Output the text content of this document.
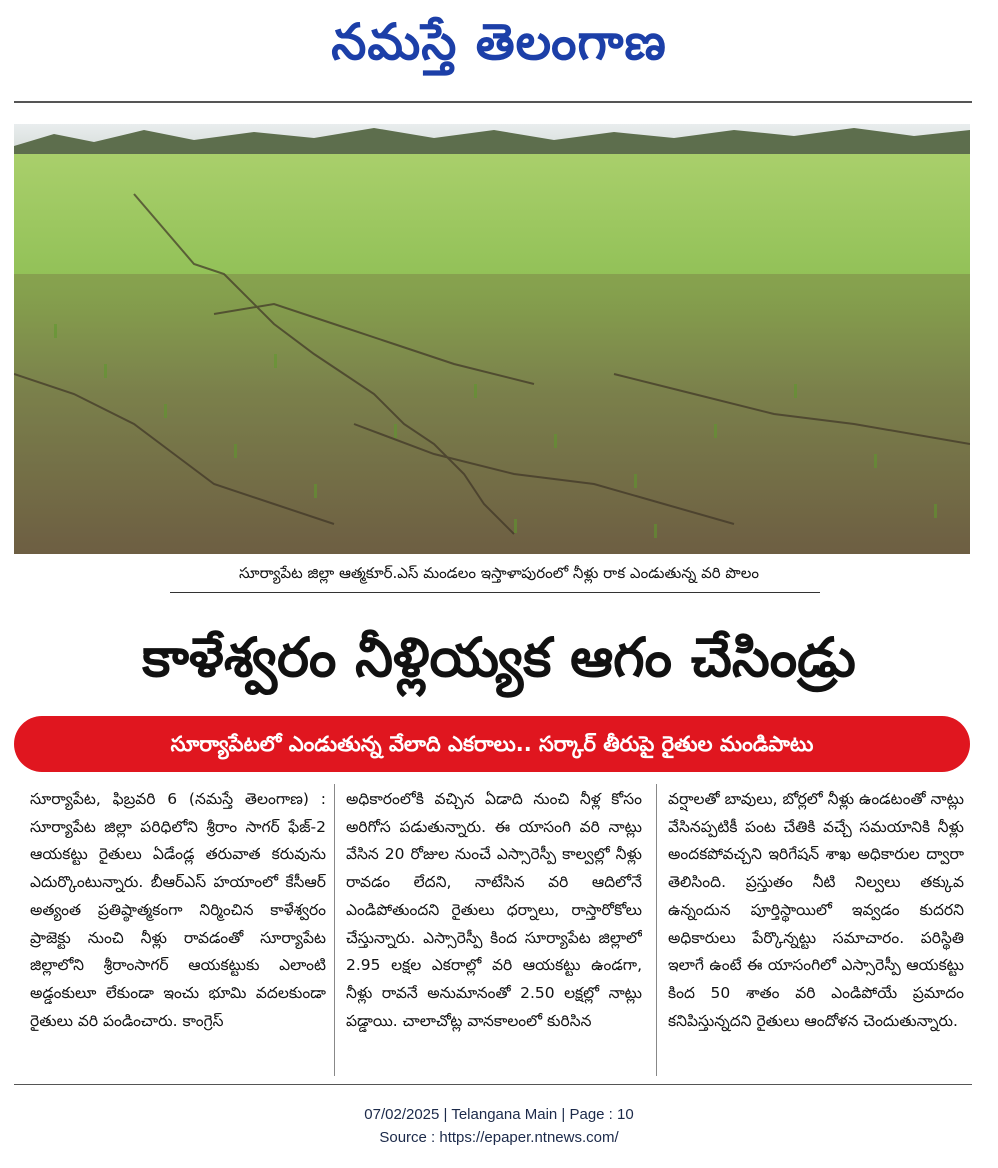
నమస్తే తెలంగాణ
సూర్యాపేట జిల్లా ఆత్మకూర్.ఎస్ మండలం ఇస్తాళాపురంలో నీళ్లు రాక ఎండుతున్న వరి పొలం
కాళేశ్వరం నీళ్లియ్యక ఆగం చేసిండ్రు
సూర్యాపేటలో ఎండుతున్న వేలాది ఎకరాలు.. సర్కార్ తీరుపై రైతుల మండిపాటు
సూర్యాపేట, ఫిబ్రవరి 6 (నమస్తే తెలంగాణ) : సూర్యాపేట జిల్లా పరిధిలోని శ్రీరాం సాగర్ ఫేజ్-2 ఆయకట్టు రైతులు ఏడేండ్ల తరువాత కరువును ఎదుర్కొంటున్నారు. బీఆర్ఎస్ హయాంలో కేసీఆర్ అత్యంత ప్రతిష్ఠాత్మకంగా నిర్మించిన కాళేశ్వరం ప్రాజెక్టు నుంచి నీళ్లు రావడంతో సూర్యాపేట జిల్లాలోని శ్రీరాంసాగర్ ఆయకట్టుకు ఎలాంటి అడ్డంకులూ లేకుండా ఇంచు భూమి వదలకుండా రైతులు వరి పండించారు. కాంగ్రెస్
అధికారంలోకి వచ్చిన ఏడాది నుంచి నీళ్ల కోసం అరిగోస పడుతున్నారు. ఈ యాసంగి వరి నాట్లు వేసిన 20 రోజుల నుంచే ఎస్సారెస్పీ కాల్వల్లో నీళ్లు రావడం లేదని, నాటేసిన వరి ఆదిలోనే ఎండిపోతుందని రైతులు ధర్నాలు, రాస్తారోకోలు చేస్తున్నారు. ఎస్సారెస్పీ కింద సూర్యాపేట జిల్లాలో 2.95 లక్షల ఎకరాల్లో వరి ఆయకట్టు ఉండగా, నీళ్లు రావనే అనుమానంతో 2.50 లక్షల్లో నాట్లు పడ్డాయి. చాలాచోట్ల వానకాలంలో కురిసిన
వర్షాలతో బావులు, బోర్లలో నీళ్లు ఉండటంతో నాట్లు వేసినప్పటికీ పంట చేతికి వచ్చే సమయానికి నీళ్లు అందకపోవచ్చని ఇరిగేషన్ శాఖ అధికారుల ద్వారా తెలిసింది. ప్రస్తుతం నీటి నిల్వలు తక్కువ ఉన్నందున పూర్తిస్థాయిలో ఇవ్వడం కుదరని అధికారులు పేర్కొన్నట్టు సమాచారం. పరిస్థితి ఇలాగే ఉంటే ఈ యాసంగిలో ఎస్సారెస్పీ ఆయకట్టు కింద 50 శాతం వరి ఎండిపోయే ప్రమాదం కనిపిస్తున్నదని రైతులు ఆందోళన చెందుతున్నారు.
07/02/2025 | Telangana Main | Page : 10
Source : https://epaper.ntnews.com/
